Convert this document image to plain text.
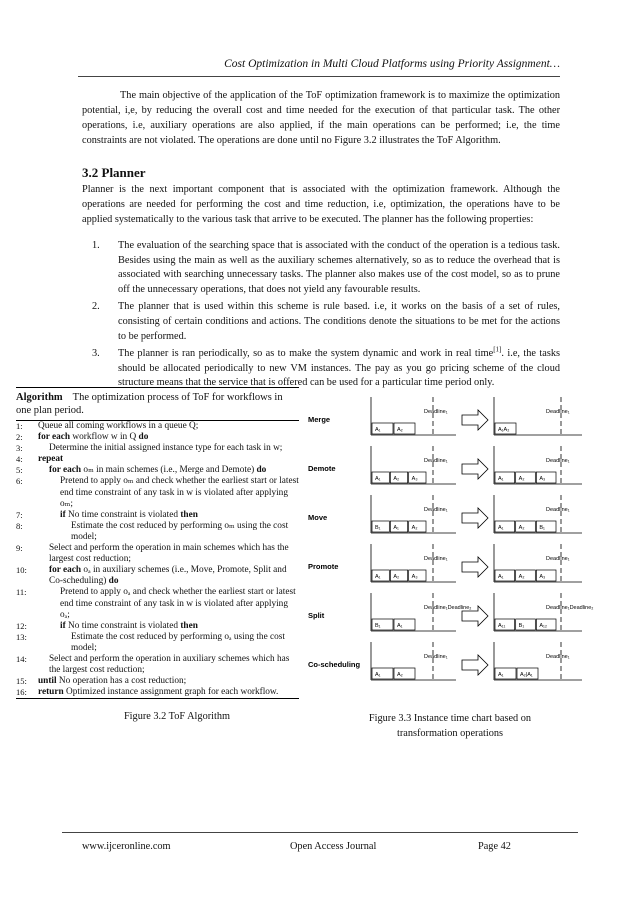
Cost Optimization in Multi Cloud Platforms using Priority Assignment…
The main objective of the application of the ToF optimization framework is to maximize the optimization potential, i,e, by reducing the overall cost and time needed for the execution of that particular task. The other operations, i.e, auxiliary operations are also applied, if the main operations can be performed; i.e, the time constraints are not violated. The operations are done until no Figure 3.2 illustrates the ToF Algorithm.
3.2 Planner
Planner is the next important component that is associated with the optimization framework. Although the operations are needed for performing the cost and time reduction, i.e, optimization, the operations have to be applied systematically to the various task that arrive to be executed. The planner has the following properties:
1. The evaluation of the searching space that is associated with the conduct of the operation is a tedious task. Besides using the main as well as the auxiliary schemes alternatively, so as to reduce the overhead that is associated with searching unnecessary tasks. The planner also makes use of the cost model, so as to prune off the unnecessary operations, that does not yield any favourable results.
2. The planner that is used within this scheme is rule based. i.e, it works on the basis of a set of rules, consisting of certain conditions and actions. The conditions denote the situations to be met for the actions to be performed.
3. The planner is ran periodically, so as to make the system dynamic and work in real time[1]. i.e, the tasks should be allocated periodically to new VM instances. The pay as you go pricing scheme of the cloud structure means that the service that is offered can be used for a particular time period only.
Algorithm The optimization process of ToF for workflows in one plan period.
1: Queue all coming workflows in a queue Q;
2: for each workflow w in Q do
3:	Determine the initial assigned instance type for each task in w;
4: repeat
5:	for each oₘ in main schemes (i.e., Merge and Demote) do
6:	Pretend to apply oₘ and check whether the earliest start or latest end time constraint of any task in w is violated after applying oₘ;
7:	if No time constraint is violated then
8:	Estimate the cost reduced by performing oₘ using the cost model;
9:	Select and perform the operation in main schemes which has the largest cost reduction;
10: for each oₐ in auxiliary schemes (i.e., Move, Promote, Split and Co-scheduling) do
11:	Pretend to apply oₐ and check whether the earliest start or latest end time constraint of any task in w is violated after applying oₐ;
12:	if No time constraint is violated then
13:	Estimate the cost reduced by performing oₐ using the cost model;
14: Select and perform the operation in auxiliary schemes which has the largest cost reduction;
15: until No operation has a cost reduction;
16: return Optimized instance assignment graph for each workflow.
Merge
Deadline₁
A₁	A₂
Deadline₁
A₁A₂
Demote
Deadline₁
A₁ A₂ A₃
Deadline₁
A₁	A₂	A₃
Move
Deadline₁
B₁ A₁ A₂
Deadline₁
A₁	A₂	B₁
Promote
Deadline₁
A₁ A₂ A₃
Deadline₁
A₁	A₂	A₃
Split
Deadline₁Deadline₂
B₁	A₁
Deadline₁Deadline₂
A₁₁ B₁	A₁₂
Co-scheduling
Deadline₁
A₁	A₂
Deadline₁
A₁	A₂|A₁
Figure 3.2 ToF Algorithm	Figure 3.3 Instance time chart based on
transformation operations
www.ijceronline.com	Open Access Journal	Page 42
